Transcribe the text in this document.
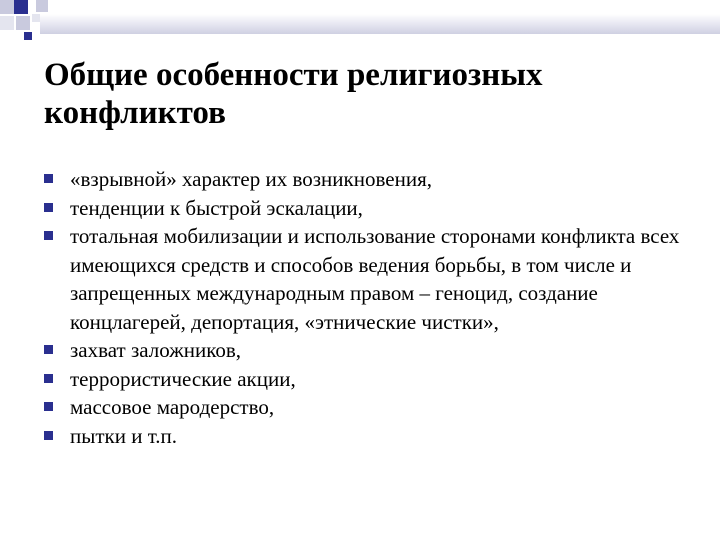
Общие особенности религиозных конфликтов
«взрывной» характер их возникновения,
тенденции к быстрой эскалации,
тотальная мобилизации и использование сторонами конфликта всех имеющихся средств и способов ведения борьбы, в том числе и запрещенных международным правом – геноцид, создание концлагерей, депортация, «этнические чистки»,
захват заложников,
террористические акции,
массовое мародерство,
пытки и т.п.
